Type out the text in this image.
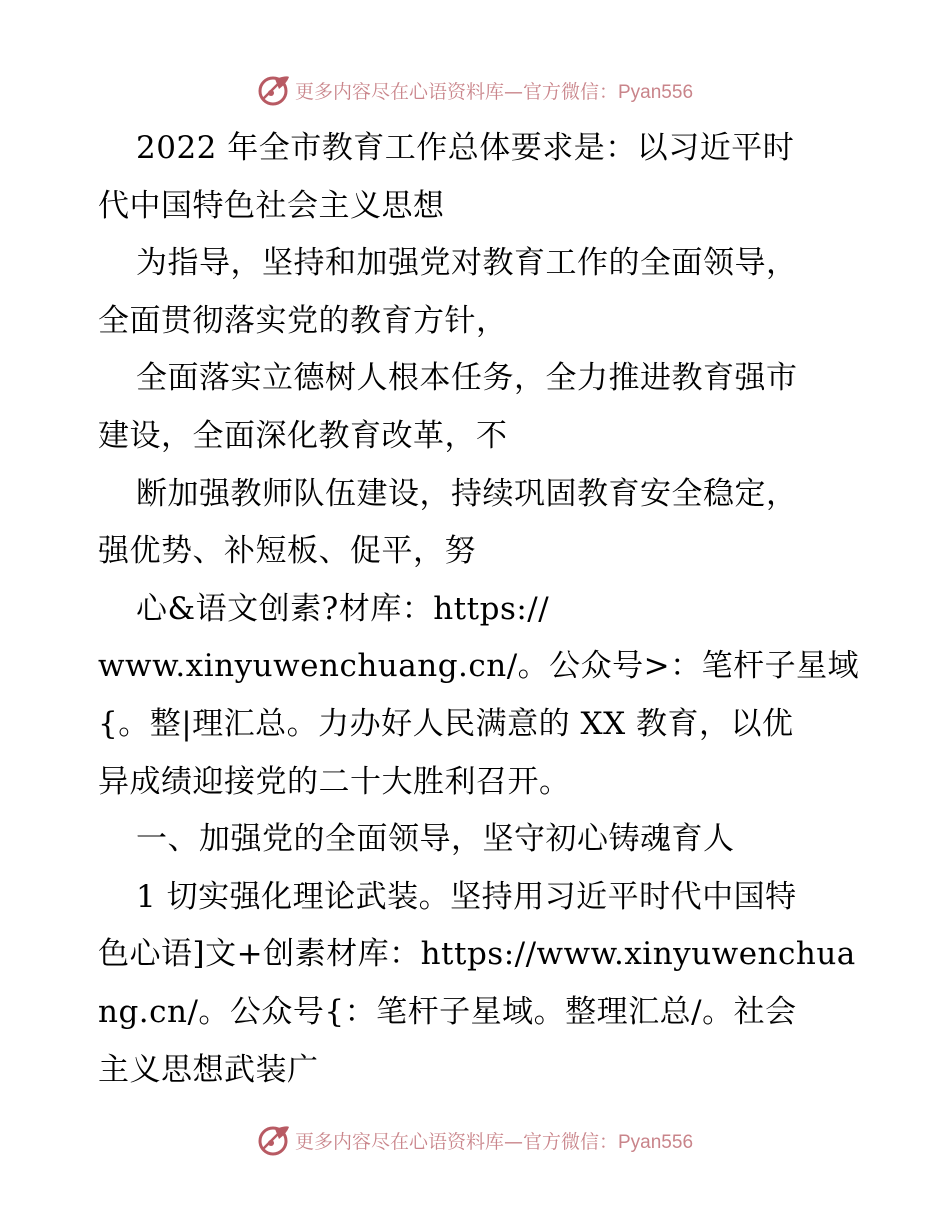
更多内容尽在心语资料库—官方微信：Pyan556
2022 年全市教育工作总体要求是：以习近平时
代中国特色社会主义思想
为指导，坚持和加强党对教育工作的全面领导，
全面贯彻落实党的教育方针，
全面落实立德树人根本任务，全力推进教育强市
建设，全面深化教育改革，不
断加强教师队伍建设，持续巩固教育安全稳定，
强优势、补短板、促平，努
心&语文创素?材库：https://
www.xinyuwenchuang.cn/。公众号>：笔杆子星域
{。整|理汇总。力办好人民满意的 XX 教育，以优
异成绩迎接党的二十大胜利召开。
一、加强党的全面领导，坚守初心铸魂育人
1 切实强化理论武装。坚持用习近平时代中国特
色心语]文+创素材库：https://www.xinyuwenchua
ng.cn/。公众号{：笔杆子星域。整理汇总/。社会
主义思想武装广
更多内容尽在心语资料库—官方微信：Pyan556
